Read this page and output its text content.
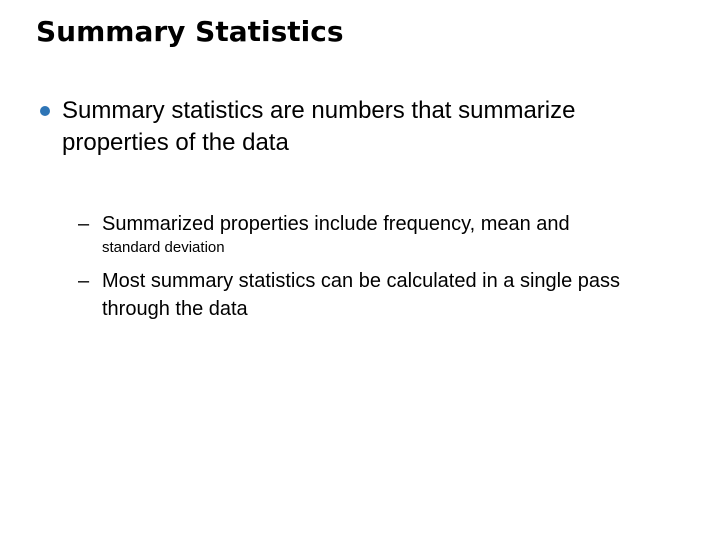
Summary Statistics
Summary statistics are numbers that summarize properties of the data
– Summarized properties include frequency, mean and
standard deviation
– Most summary statistics can be calculated in a single pass through the data
